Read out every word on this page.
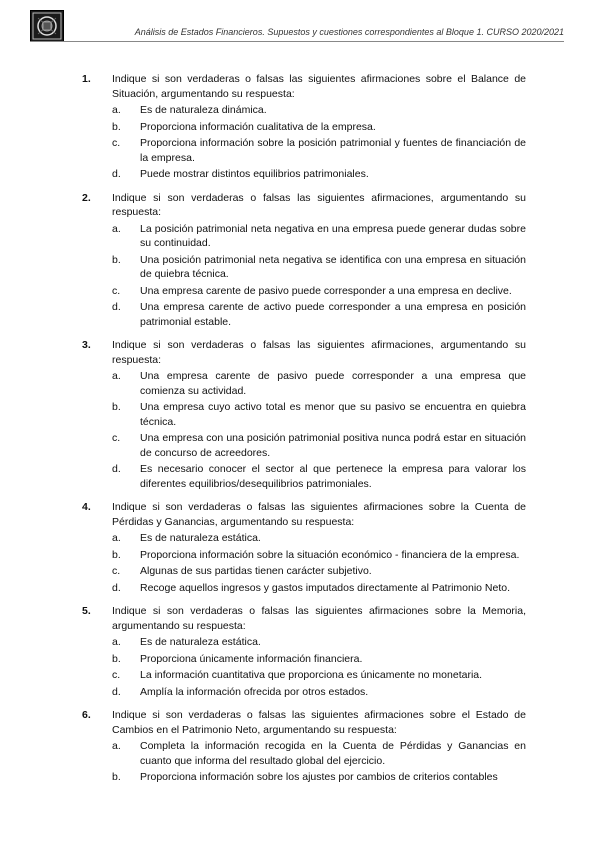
Análisis de Estados Financieros. Supuestos y cuestiones correspondientes al Bloque 1. CURSO 2020/2021
1.	Indique si son verdaderas o falsas las siguientes afirmaciones sobre el Balance de Situación, argumentando su respuesta:
a.	Es de naturaleza dinámica.
b.	Proporciona información cualitativa de la empresa.
c.	Proporciona información sobre la posición patrimonial y fuentes de financiación de la empresa.
d.	Puede mostrar distintos equilibrios patrimoniales.
2.	Indique si son verdaderas o falsas las siguientes afirmaciones, argumentando su respuesta:
a.	La posición patrimonial neta negativa en una empresa puede generar dudas sobre su continuidad.
b.	Una posición patrimonial neta negativa se identifica con una empresa en situación de quiebra técnica.
c.	Una empresa carente de pasivo puede corresponder a una empresa en declive.
d.	Una empresa carente de activo puede corresponder a una empresa en posición patrimonial estable.
3.	Indique si son verdaderas o falsas las siguientes afirmaciones, argumentando su respuesta:
a.	Una empresa carente de pasivo puede corresponder a una empresa que comienza su actividad.
b.	Una empresa cuyo activo total es menor que su pasivo se encuentra en quiebra técnica.
c.	Una empresa con una posición patrimonial positiva nunca podrá estar en situación de concurso de acreedores.
d.	Es necesario conocer el sector al que pertenece la empresa para valorar los diferentes equilibrios/desequilibrios patrimoniales.
4.	Indique si son verdaderas o falsas las siguientes afirmaciones sobre la Cuenta de Pérdidas y Ganancias, argumentando su respuesta:
a.	Es de naturaleza estática.
b.	Proporciona información sobre la situación económico - financiera de la empresa.
c.	Algunas de sus partidas tienen carácter subjetivo.
d.	Recoge aquellos ingresos y gastos imputados directamente al Patrimonio Neto.
5.	Indique si son verdaderas o falsas las siguientes afirmaciones sobre la Memoria, argumentando su respuesta:
a.	Es de naturaleza estática.
b.	Proporciona únicamente información financiera.
c.	La información cuantitativa que proporciona es únicamente no monetaria.
d.	Amplía la información ofrecida por otros estados.
6.	Indique si son verdaderas o falsas las siguientes afirmaciones sobre el Estado de Cambios en el Patrimonio Neto, argumentando su respuesta:
a.	Completa la información recogida en la Cuenta de Pérdidas y Ganancias en cuanto que informa del resultado global del ejercicio.
b.	Proporciona información sobre los ajustes por cambios de criterios contables
